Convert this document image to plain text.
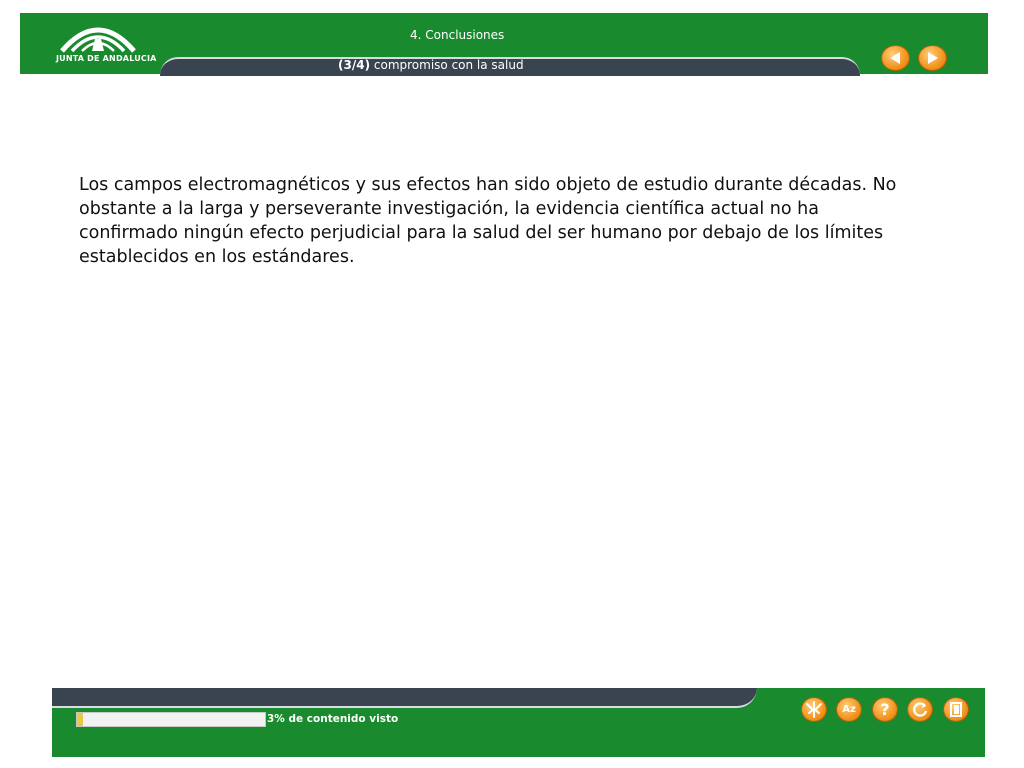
JUNTA DE ANDALUCIA
4. Conclusiones
(3/4) compromiso con la salud

Los campos electromagnéticos y sus efectos han sido objeto de estudio durante décadas. No obstante a la larga y perseverante investigación, la evidencia científica actual no ha confirmado ningún efecto perjudicial para la salud del ser humano por debajo de los límites establecidos en los estándares.

3% de contenido visto
Az	?
